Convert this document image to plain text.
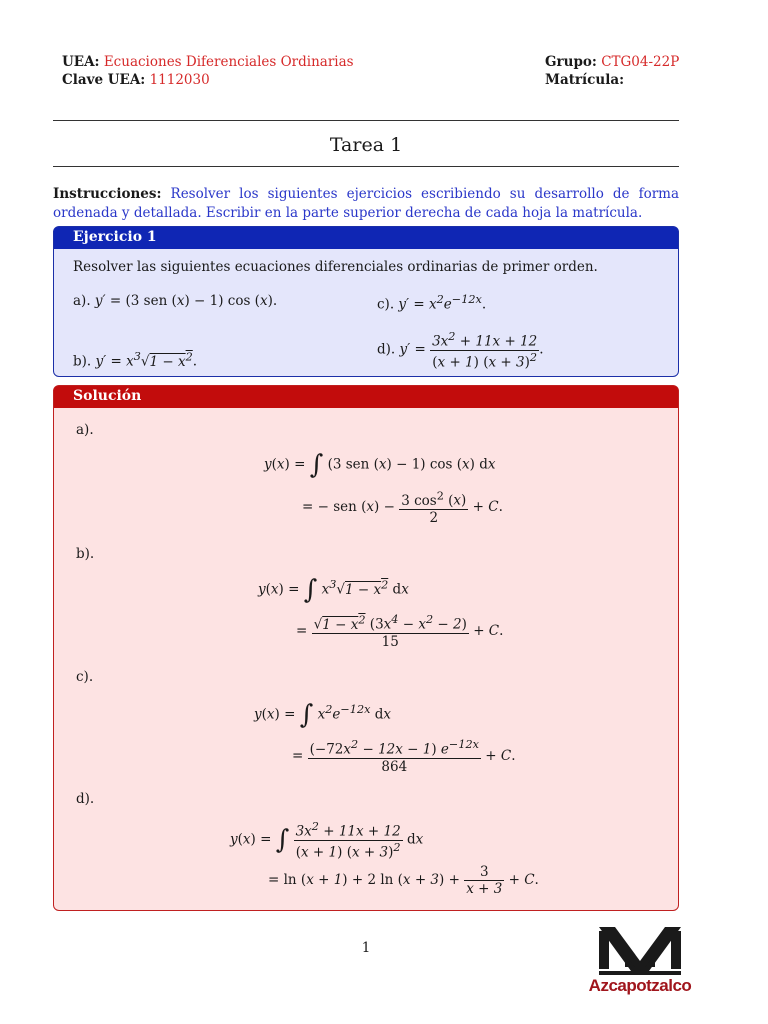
UEA: Ecuaciones Diferenciales Ordinarias
Clave UEA: 1112030
Grupo: CTG04-22P
Matrícula:
Tarea 1
Instrucciones: Resolver los siguientes ejercicios escribiendo su desarrollo de forma ordenada y detallada. Escribir en la parte superior derecha de cada hoja la matrícula.
Ejercicio 1
Resolver las siguientes ecuaciones diferenciales ordinarias de primer orden.
a). y′ = (3 sen (x) − 1) cos (x).	c). $y' = x^2e^{-12x}$.
b). $y' = x^3√1 - x^2$.
d). $y' = \frac{3x^2 + 11x + 12}{(x + 1) (x + 3)^2}$ .
Solución
a).
y(x) = ∫ (3 sen (x) − 1) cos (x) dx
= − sen $(x) - \frac{3 \cos^2 (x)}{2} + C$.
b).
y(x) = ∫ $x^3√1 - x^2$ dx
= $\frac{√1 - x^2 (3x^4 - x^2 - 2)}{15} + C$.
c).
y(x) = ∫ $x^2e^{-12x}$ dx
= $\frac{(-72x^2 - 12x - 1) e^{-12x}}{864} + C$.
d).
y(x) = ∫ $\frac{3x^2 + 11x + 12}{(x + 1) (x + 3)^2}$ dx
= ln (x + 1) + 2 $\ln (x + 3) + \frac{3}{x + 3} + C$.
1
Azcapotzalco
